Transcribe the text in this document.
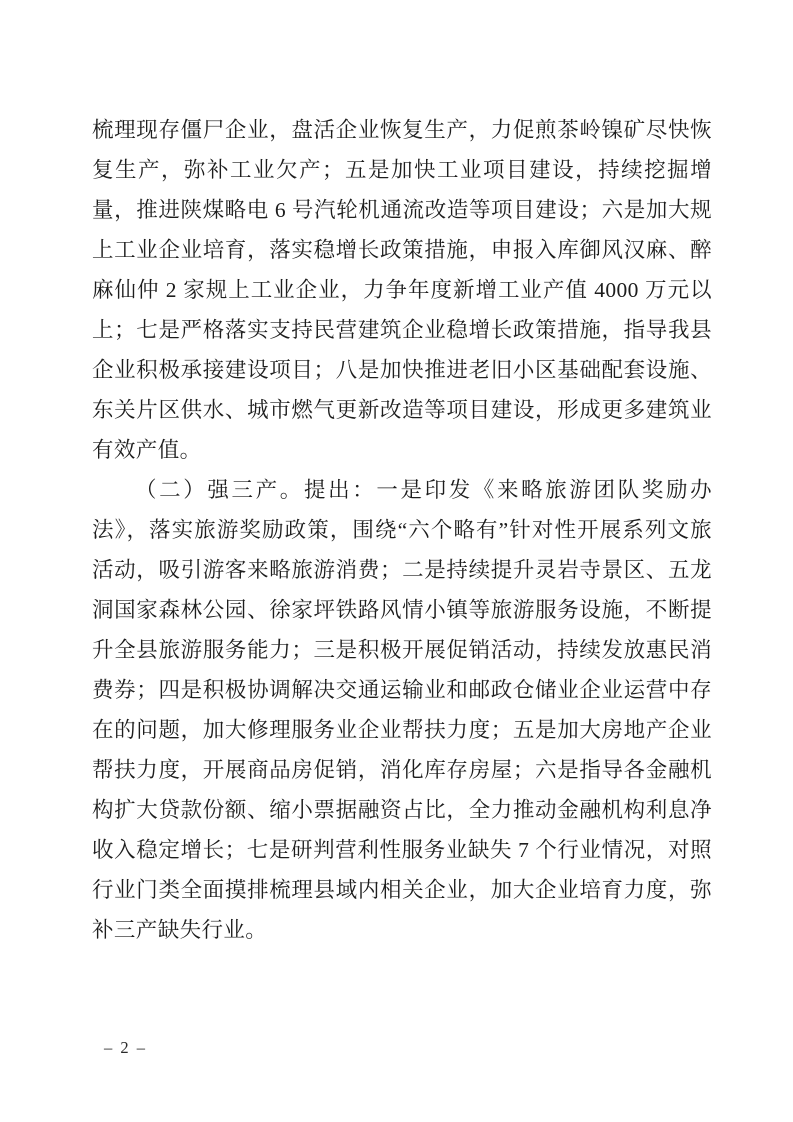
梳理现存僵尸企业，盘活企业恢复生产，力促煎茶岭镍矿尽快恢复生产，弥补工业欠产；五是加快工业项目建设，持续挖掘增量，推进陕煤略电 6 号汽轮机通流改造等项目建设；六是加大规上工业企业培育，落实稳增长政策措施，申报入库御风汉麻、醉麻仙仲 2 家规上工业企业，力争年度新增工业产值 4000 万元以上；七是严格落实支持民营建筑企业稳增长政策措施，指导我县企业积极承接建设项目；八是加快推进老旧小区基础配套设施、东关片区供水、城市燃气更新改造等项目建设，形成更多建筑业有效产值。

（二）强三产。提出：一是印发《来略旅游团队奖励办法》，落实旅游奖励政策，围绕“六个略有”针对性开展系列文旅活动，吸引游客来略旅游消费；二是持续提升灵岩寺景区、五龙洞国家森林公园、徐家坪铁路风情小镇等旅游服务设施，不断提升全县旅游服务能力；三是积极开展促销活动，持续发放惠民消费券；四是积极协调解决交通运输业和邮政仓储业企业运营中存在的问题，加大修理服务业企业帮扶力度；五是加大房地产企业帮扶力度，开展商品房促销，消化库存房屋；六是指导各金融机构扩大贷款份额、缩小票据融资占比，全力推动金融机构利息净收入稳定增长；七是研判营利性服务业缺失 7 个行业情况，对照行业门类全面摸排梳理县域内相关企业，加大企业培育力度，弥补三产缺失行业。

– 2 –
